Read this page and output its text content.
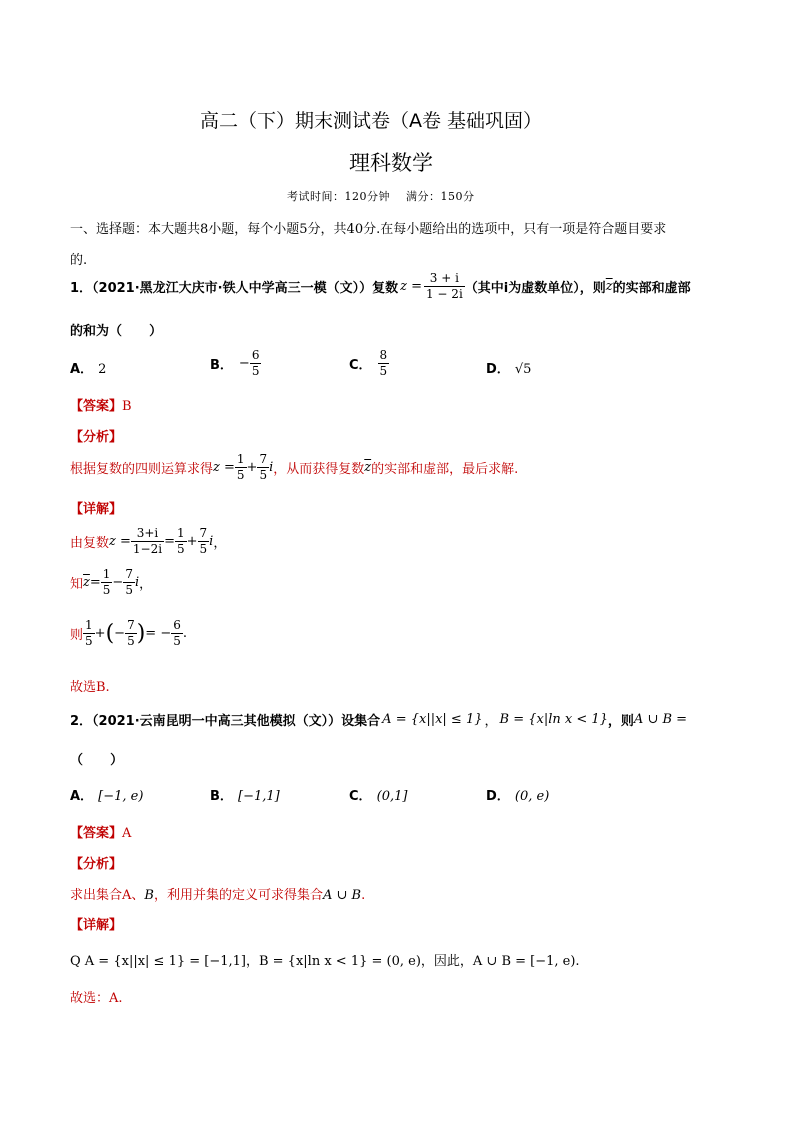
高二（下）期末测试卷（A卷 基础巩固）
理科数学
考试时间：120分钟    满分：150分
一、选择题：本大题共8小题，每个小题5分，共40分.在每小题给出的选项中，只有一项是符合题目要求
的.
1．（2021·黑龙江大庆市·铁人中学高三一模（文））复数 $z = \frac{3 + i}{1 - 2i}$ （其中i为虚数单位），则 $\overline{z}$ 的实部和虚部
的和为（      ）
A． 2	B． − $\frac{6}{5}$	C． $\frac{8}{5}$	D． √5
【答案】B
【分析】
根据复数的四则运算求得 $z = \frac{1}{5} + \frac{7}{5}$ i ，从而获得复数 $\overline{z}$ 的实部和虚部，最后求解.
【详解】
由复数 $z = \frac{3+i}{1-2i} = \frac{1}{5} + \frac{7}{5}$ i ，
知 $\overline{z} = \frac{1}{5} - \frac{7}{5}$ i ，
则 $\frac{1}{5}$ + ( − $\frac{7}{5}$ ) = − $\frac{6}{5}$ .
故选B.
2．（2021·云南昆明一中高三其他模拟（文））设集合 A = {x||x| ≤ 1} ， B = {x|ln x < 1} ，则 A ∪ B =
（      ）
A． [−1, e)	B． [−1,1]	C． (0,1]	D． (0, e)
【答案】A
【分析】
求出集合A、B，利用并集的定义可求得集合A ∪ B.
【详解】
Q A = {x||x| ≤ 1} = [−1,1]，B = {x|ln x < 1} = (0, e)，因此，A ∪ B = [−1, e).
故选：A.
